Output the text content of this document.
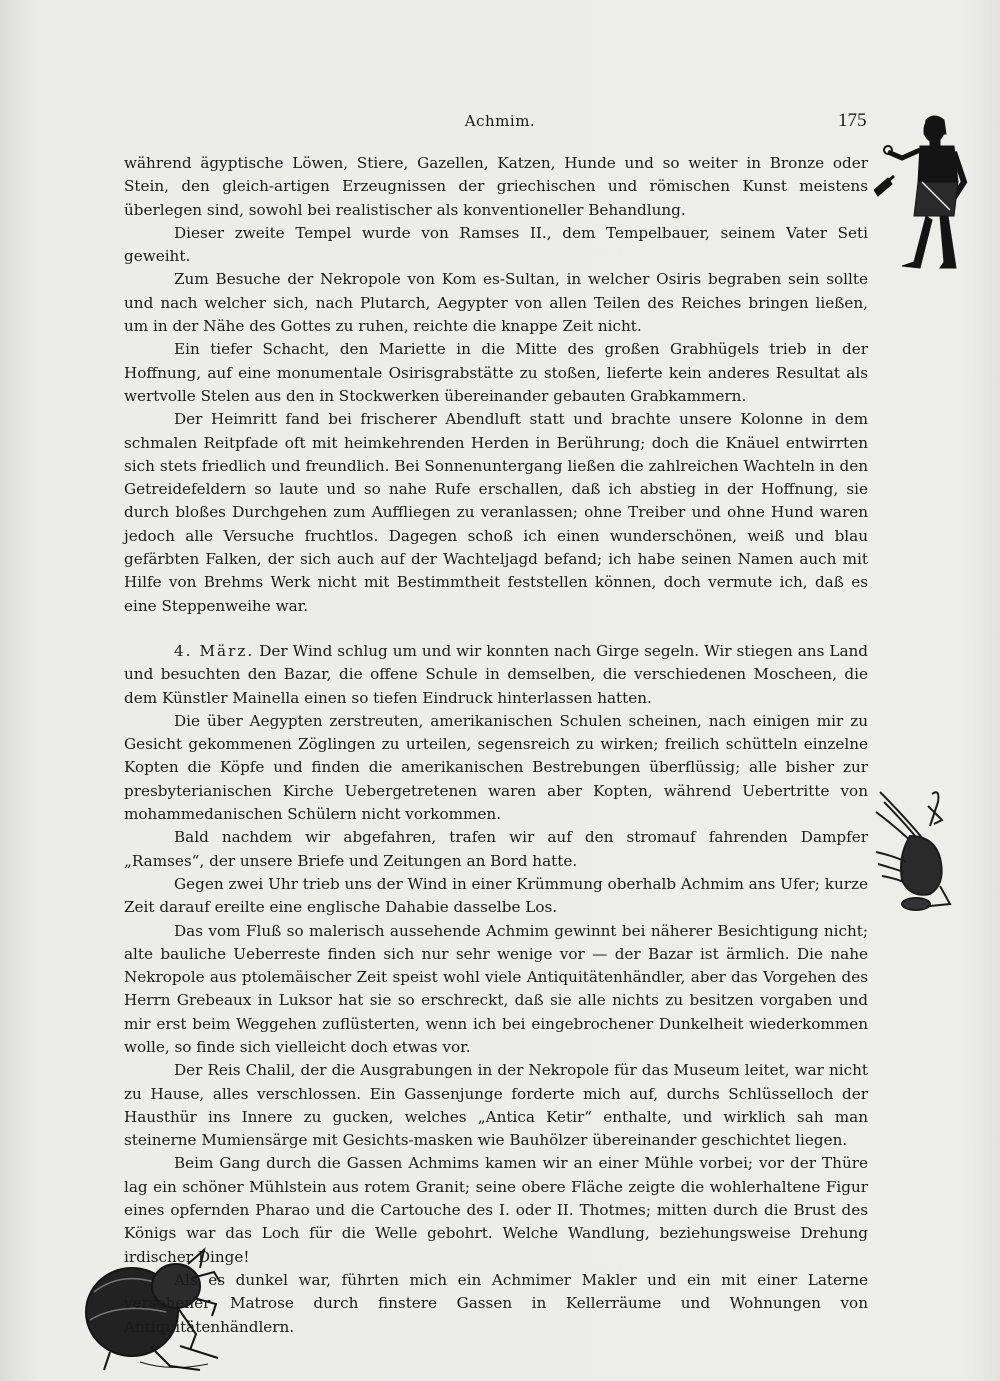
Achmim.	175

während ägyptische Löwen, Stiere, Gazellen, Katzen, Hunde und so weiter in Bronze oder Stein, den gleich-artigen Erzeugnissen der griechischen und römischen Kunst meistens überlegen sind, sowohl bei realistischer als konventioneller Behandlung.

Dieser zweite Tempel wurde von Ramses II., dem Tempelbauer, seinem Vater Seti geweiht.

Zum Besuche der Nekropole von Kom es-Sultan, in welcher Osiris begraben sein sollte und nach welcher sich, nach Plutarch, Aegypter von allen Teilen des Reiches bringen ließen, um in der Nähe des Gottes zu ruhen, reichte die knappe Zeit nicht.

Ein tiefer Schacht, den Mariette in die Mitte des großen Grabhügels trieb in der Hoffnung, auf eine monumentale Osirisgrabstätte zu stoßen, lieferte kein anderes Resultat als wertvolle Stelen aus den in Stockwerken übereinander gebauten Grabkammern.

Der Heimritt fand bei frischerer Abendluft statt und brachte unsere Kolonne in dem schmalen Reitpfade oft mit heimkehrenden Herden in Berührung; doch die Knäuel entwirrten sich stets friedlich und freundlich. Bei Sonnenuntergang ließen die zahlreichen Wachteln in den Getreidefeldern so laute und so nahe Rufe erschallen, daß ich abstieg in der Hoffnung, sie durch bloßes Durchgehen zum Auffliegen zu veranlassen; ohne Treiber und ohne Hund waren jedoch alle Versuche fruchtlos. Dagegen schoß ich einen wunderschönen, weiß und blau gefärbten Falken, der sich auch auf der Wachteljagd befand; ich habe seinen Namen auch mit Hilfe von Brehms Werk nicht mit Bestimmtheit feststellen können, doch vermute ich, daß es eine Steppenweihe war.

4. März. Der Wind schlug um und wir konnten nach Girge segeln. Wir stiegen ans Land und besuchten den Bazar, die offene Schule in demselben, die verschiedenen Moscheen, die dem Künstler Mainella einen so tiefen Eindruck hinterlassen hatten.

Die über Aegypten zerstreuten, amerikanischen Schulen scheinen, nach einigen mir zu Gesicht gekommenen Zöglingen zu urteilen, segensreich zu wirken; freilich schütteln einzelne Kopten die Köpfe und finden die amerikanischen Bestrebungen überflüssig; alle bisher zur presbyterianischen Kirche Uebergetretenen waren aber Kopten, während Uebertritte von mohammedanischen Schülern nicht vorkommen.

Bald nachdem wir abgefahren, trafen wir auf den stromauf fahrenden Dampfer „Ramses“, der unsere Briefe und Zeitungen an Bord hatte.

Gegen zwei Uhr trieb uns der Wind in einer Krümmung oberhalb Achmim ans Ufer; kurze Zeit darauf ereilte eine englische Dahabie dasselbe Los.

Das vom Fluß so malerisch aussehende Achmim gewinnt bei näherer Besichtigung nicht; alte bauliche Ueberreste finden sich nur sehr wenige vor — der Bazar ist ärmlich. Die nahe Nekropole aus ptolemäischer Zeit speist wohl viele Antiquitätenhändler, aber das Vorgehen des Herrn Grebeaux in Luksor hat sie so erschreckt, daß sie alle nichts zu besitzen vorgaben und mir erst beim Weggehen zuflüsterten, wenn ich bei eingebrochener Dunkelheit wiederkommen wolle, so finde sich vielleicht doch etwas vor.

Der Reis Chalil, der die Ausgrabungen in der Nekropole für das Museum leitet, war nicht zu Hause, alles verschlossen. Ein Gassenjunge forderte mich auf, durchs Schlüsselloch der Hausthür ins Innere zu gucken, welches „Antica Ketir“ enthalte, und wirklich sah man steinerne Mumiensärge mit Gesichts-masken wie Bauhölzer übereinander geschichtet liegen.

Beim Gang durch die Gassen Achmims kamen wir an einer Mühle vorbei; vor der Thüre lag ein schöner Mühlstein aus rotem Granit; seine obere Fläche zeigte die wohlerhaltene Figur eines opfernden Pharao und die Cartouche des I. oder II. Thotmes; mitten durch die Brust des Königs war das Loch für die Welle gebohrt. Welche Wandlung, beziehungsweise Drehung irdischer Dinge!

Als es dunkel war, führten mich ein Achmimer Makler und ein mit einer Laterne versehener Matrose durch finstere Gassen in Kellerräume und Wohnungen von Antiquitätenhändlern.
